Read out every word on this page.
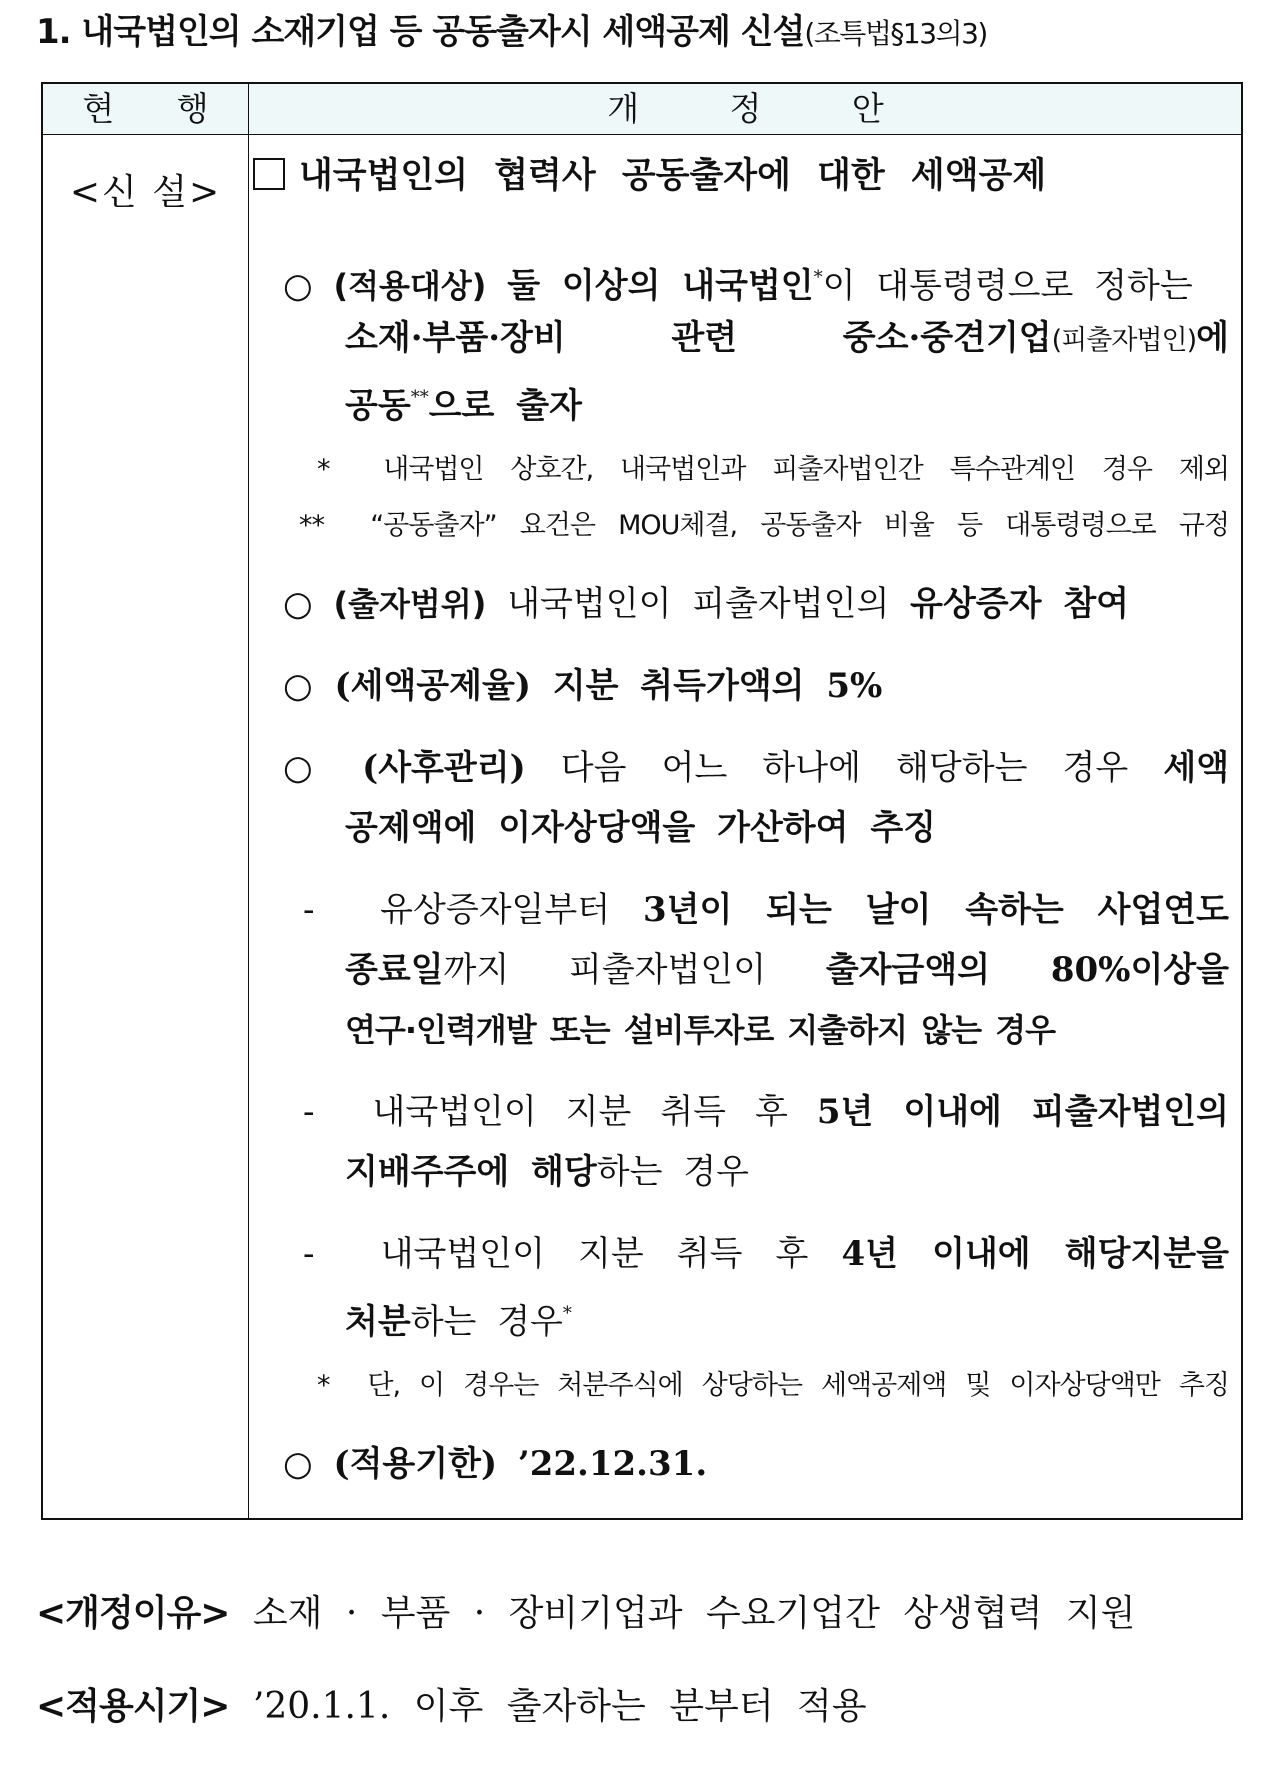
1. 내국법인의 소재기업 등 공동출자시 세액공제 신설(조특법§13의3)
현 행	개 정 안
<신 설>	내국법인의 협력사 공동출자에 대한 세액공제
○ (적용대상) 둘 이상의 내국법인*이 대통령령으로 정하는
소재·부품·장비 관련 중소·중견기업(피출자법인)에
공동**으로 출자
* 내국법인 상호간, 내국법인과 피출자법인간 특수관계인 경우 제외
** “공동출자” 요건은 MOU체결, 공동출자 비율 등 대통령령으로 규정
○ (출자범위) 내국법인이 피출자법인의 유상증자 참여
○ (세액공제율) 지분 취득가액의 5%
○ (사후관리) 다음 어느 하나에 해당하는 경우 세액
공제액에 이자상당액을 가산하여 추징
- 유상증자일부터 3년이 되는 날이 속하는 사업연도
종료일까지 피출자법인이 출자금액의 80%이상을
연구·인력개발 또는 설비투자로 지출하지 않는 경우
- 내국법인이 지분 취득 후 5년 이내에 피출자법인의
지배주주에 해당하는 경우
- 내국법인이 지분 취득 후 4년 이내에 해당지분을
처분하는 경우*
* 단, 이 경우는 처분주식에 상당하는 세액공제액 및 이자상당액만 추징
○ (적용기한) ’22.12.31.
<개정이유> 소재 · 부품 · 장비기업과 수요기업간 상생협력 지원
<적용시기> ’20.1.1. 이후 출자하는 분부터 적용
